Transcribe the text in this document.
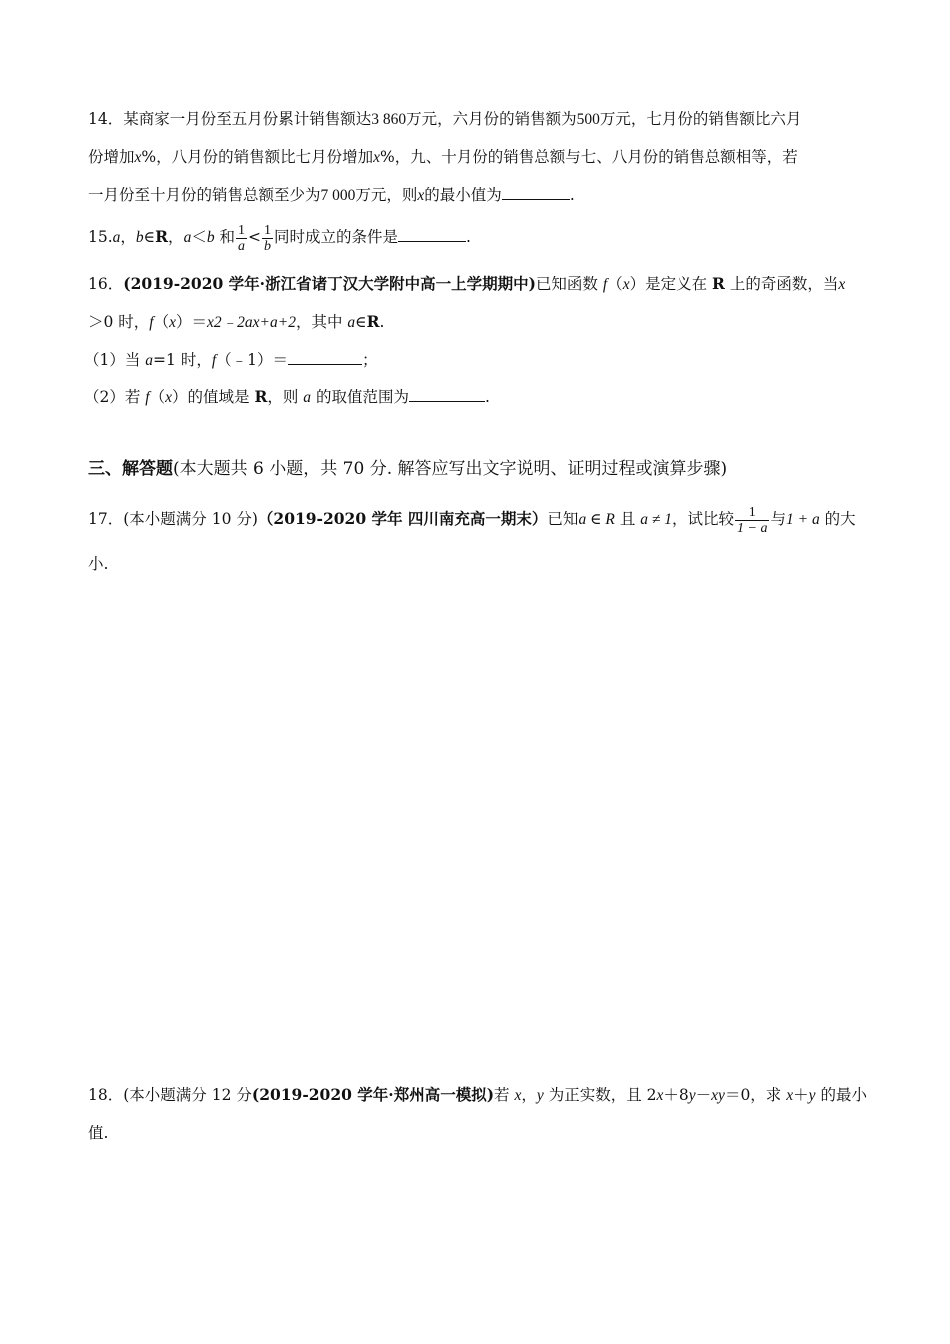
14．某商家一月份至五月份累计销售额达3 860万元，六月份的销售额为500万元，七月份的销售额比六月
份增加x%，八月份的销售额比七月份增加x%，九、十月份的销售总额与七、八月份的销售总额相等，若
一月份至十月份的销售总额至少为7 000万元，则x的最小值为	.
15.a，b∈R，a＜b 和 $\frac{1}{a} < \frac{1}{b}$ 同时成立的条件是	.
16．(2019-2020 学年·浙江省诸丁汉大学附中高一上学期期中)已知函数 f（x）是定义在 R 上的奇函数，当x
＞0 时，f（x）＝x2﹣2ax+a+2，其中 a∈R.
（1）当 a=1 时，f（﹣1）＝	；
（2）若 f（x）的值域是 R，则 a 的取值范围为	.
三、解答题(本大题共 6 小题，共 70 分. 解答应写出文字说明、证明过程或演算步骤)
17．(本小题满分 10 分)（2019-2020 学年 四川南充高一期末）已知a ∈ R 且 a ≠ 1，试比较 $\frac{1}{1 - a}$ 与1 + a 的大
小.
18．(本小题满分 12 分(2019-2020 学年·郑州高一模拟)若 x，y 为正实数，且 2x＋8y－xy＝0，求 x＋y 的最小
值.
